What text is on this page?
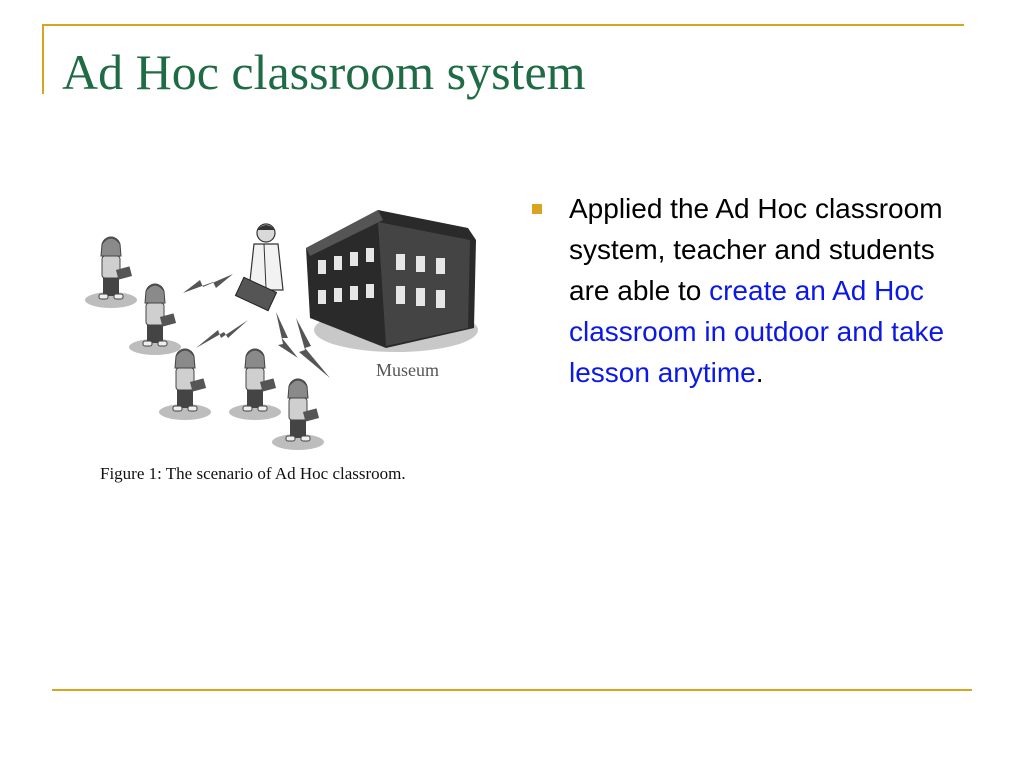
Ad Hoc classroom system
Museum
Figure 1: The scenario of Ad Hoc classroom.
Applied the Ad Hoc classroom system, teacher and students are able to create an Ad Hoc classroom in outdoor and take lesson anytime.
